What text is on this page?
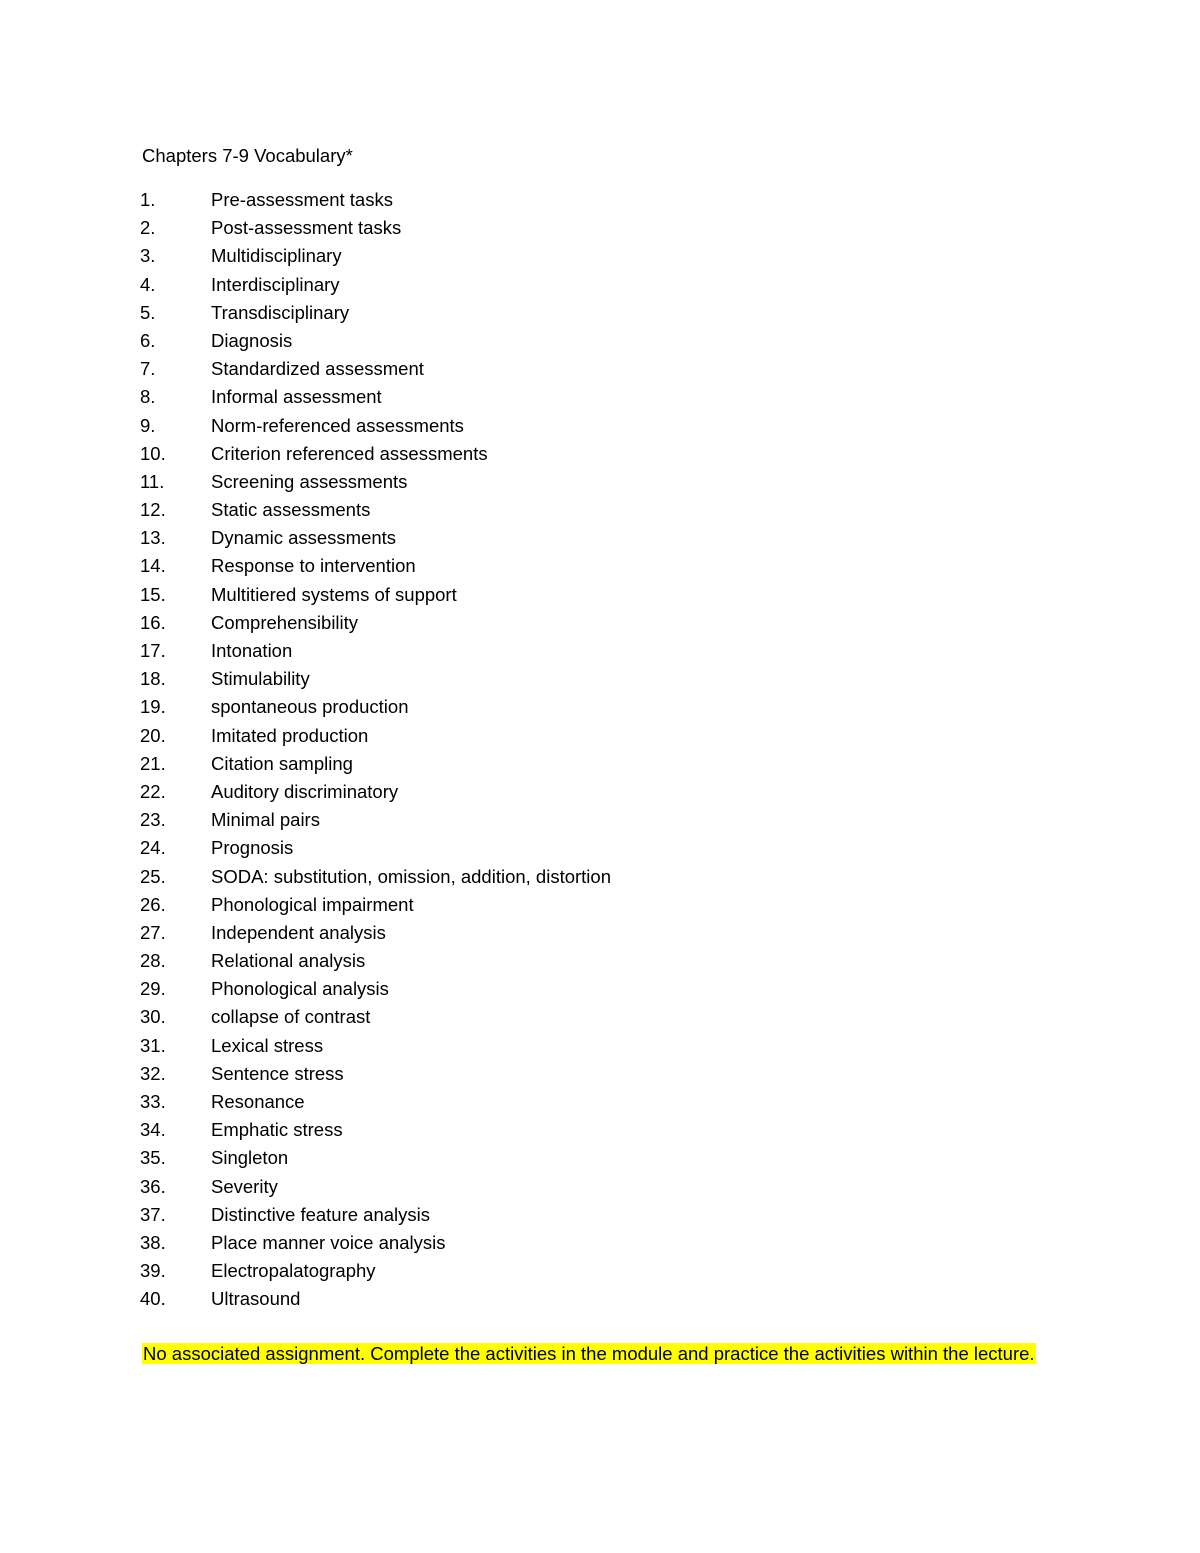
Chapters 7-9 Vocabulary*
1.	Pre-assessment tasks
2.	Post-assessment tasks
3.	Multidisciplinary
4.	Interdisciplinary
5.	Transdisciplinary
6.	Diagnosis
7.	Standardized assessment
8.	Informal assessment
9.	Norm-referenced assessments
10.	Criterion referenced assessments
11.	Screening assessments
12.	Static assessments
13.	Dynamic assessments
14.	Response to intervention
15.	Multitiered systems of support
16.	Comprehensibility
17.	Intonation
18.	Stimulability
19.	spontaneous production
20.	Imitated production
21.	Citation sampling
22.	Auditory discriminatory
23.	Minimal pairs
24.	Prognosis
25.	SODA: substitution, omission, addition, distortion
26.	Phonological impairment
27.	Independent analysis
28.	Relational analysis
29.	Phonological analysis
30.	collapse of contrast
31.	Lexical stress
32.	Sentence stress
33.	Resonance
34.	Emphatic stress
35.	Singleton
36.	Severity
37.	Distinctive feature analysis
38.	Place manner voice analysis
39.	Electropalatography
40.	Ultrasound
No associated assignment. Complete the activities in the module and practice the activities within the lecture.
